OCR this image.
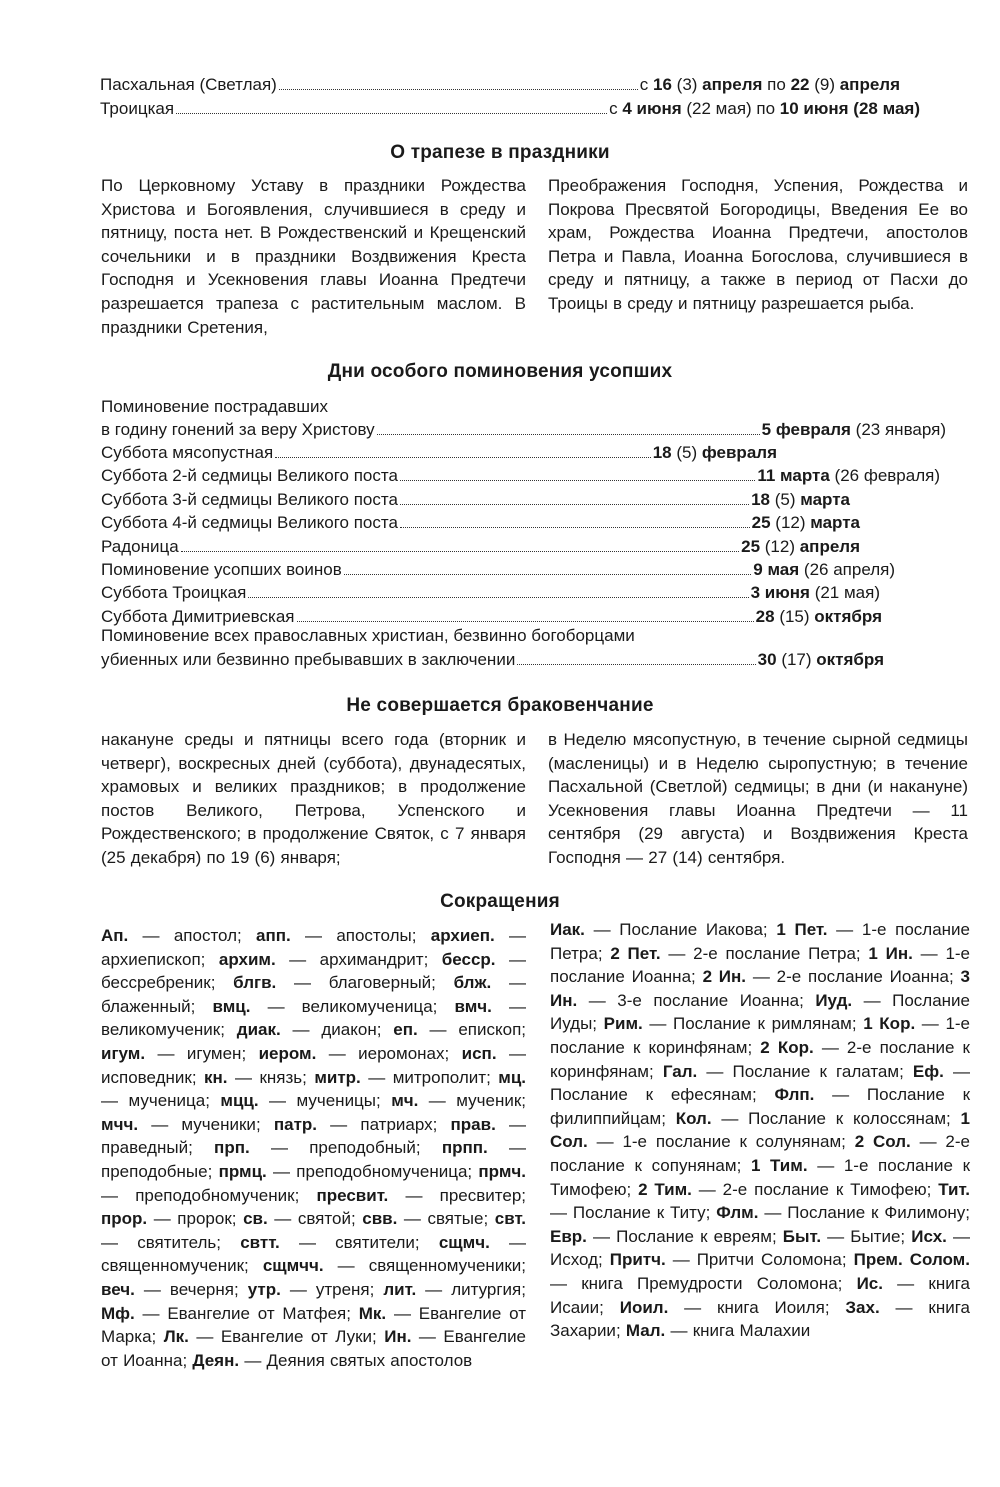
Пасхальная (Светлая)	с 16 (3) апреля по 22 (9) апреля
Троицкая	с 4 июня (22 мая) по 10 июня (28 мая)
О трапезе в праздники
По Церковному Уставу в праздники Рождества Христова и Богоявления, случившиеся в среду и пятницу, поста нет. В Рождественский и Крещенский сочельники и в праздники Воздвижения Креста Господня и Усекновения главы Иоанна Предтечи разрешается трапеза с растительным маслом. В праздники Сретения,
Преображения Господня, Успения, Рождества и Покрова Пресвятой Богородицы, Введения Ее во храм, Рождества Иоанна Предтечи, апостолов Петра и Павла, Иоанна Богослова, случившиеся в среду и пятницу, а также в период от Пасхи до Троицы в среду и пятницу разрешается рыба.
Дни особого поминовения усопших
Поминовение пострадавших
в годину гонений за веру Христову	5 февраля (23 января)
Суббота мясопустная	18 (5) февраля
Суббота 2-й седмицы Великого поста	11 марта (26 февраля)
Суббота 3-й седмицы Великого поста	18 (5) марта
Суббота 4-й седмицы Великого поста	25 (12) марта
Радоница	25 (12) апреля
Поминовение усопших воинов	9 мая (26 апреля)
Суббота Троицкая	3 июня (21 мая)
Суббота Димитриевская	28 (15) октября
Поминовение всех православных христиан, безвинно богоборцами
убиенных или безвинно пребывавших в заключении	30 (17) октября
Не совершается браковенчание
накануне среды и пятницы всего года (вторник и четверг), воскресных дней (суббота), двунадесятых, храмовых и великих праздников; в продолжение постов Великого, Петрова, Успенского и Рождественского; в продолжение Святок, с 7 января (25 декабря) по 19 (6) января;
в Неделю мясопустную, в течение сырной седмицы (масленицы) и в Неделю сыропустную; в течение Пасхальной (Светлой) седмицы; в дни (и накануне) Усекновения главы Иоанна Предтечи — 11 сентября (29 августа) и Воздвижения Креста Господня — 27 (14) сентября.
Сокращения
Ап. — апостол; апп. — апостолы; архиеп. — архиепископ; архим. — архимандрит; бесср. — бессребреник; блгв. — благоверный; блж. — блаженный; вмц. — великомученица; вмч. — великомученик; диак. — диакон; еп. — епископ; игум. — игумен; иером. — иеромонах; исп. — исповедник; кн. — князь; митр. — митрополит; мц. — мученица; мцц. — мученицы; мч. — мученик; мчч. — мученики; патр. — патриарх; прав. — праведный; прп. — преподобный; прпп. — преподобные; прмц. — преподобномученица; прмч. — преподобномученик; пресвит. — пресвитер; прор. — пророк; св. — святой; свв. — святые; свт. — святитель; свтт. — святители; сщмч. — священномученик; сщмчч. — священномученики; веч. — вечерня; утр. — утреня; лит. — литургия; Мф. — Евангелие от Матфея; Мк. — Евангелие от Марка; Лк. — Евангелие от Луки; Ин. — Евангелие от Иоанна; Деян. — Деяния святых апостолов
Иак. — Послание Иакова; 1 Пет. — 1-е послание Петра; 2 Пет. — 2-е послание Петра; 1 Ин. — 1-е послание Иоанна; 2 Ин. — 2-е послание Иоанна; 3 Ин. — 3-е послание Иоанна; Иуд. — Послание Иуды; Рим. — Послание к римлянам; 1 Кор. — 1-е послание к коринфянам; 2 Кор. — 2-е послание к коринфянам; Гал. — Послание к галатам; Еф. — Послание к ефесянам; Флп. — Послание к филиппийцам; Кол. — Послание к колоссянам; 1 Сол. — 1-е послание к солунянам; 2 Сол. — 2-е послание к сопунянам; 1 Тим. — 1-е послание к Тимофею; 2 Тим. — 2-е послание к Тимофею; Тит. — Послание к Титу; Флм. — Послание к Филимону; Евр. — Послание к евреям; Быт. — Бытие; Исх. — Исход; Притч. — Притчи Соломона; Прем. Солом. — книга Премудрости Соломона; Ис. — книга Исаии; Иоил. — книга Иоиля; Зах. — книга Захарии; Мал. — книга Малахии
